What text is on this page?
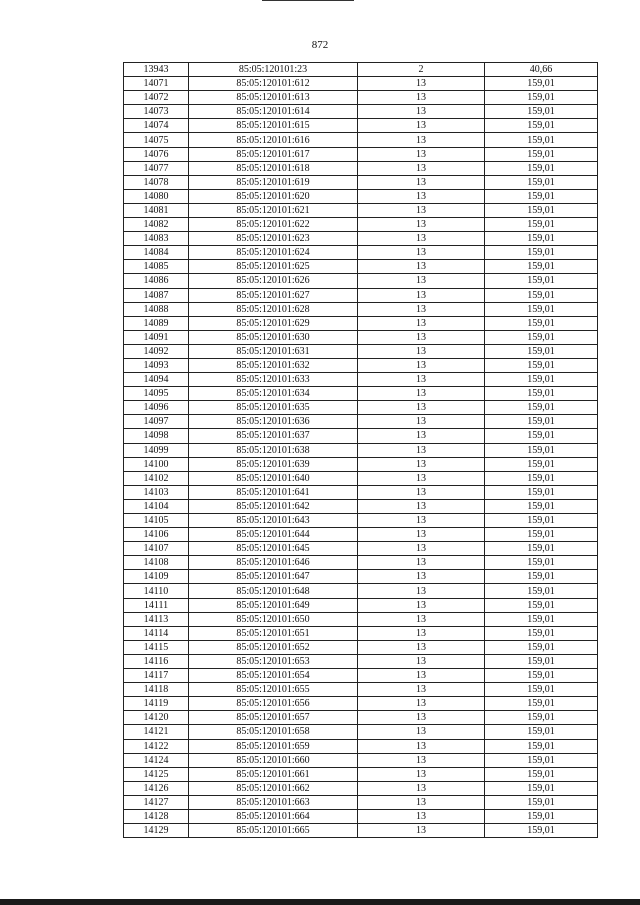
872
13943	85:05:120101:23	2	40,66
14071	85:05:120101:612	13	159,01
14072	85:05:120101:613	13	159,01
14073	85:05:120101:614	13	159,01
14074	85:05:120101:615	13	159,01
14075	85:05:120101:616	13	159,01
14076	85:05:120101:617	13	159,01
14077	85:05:120101:618	13	159,01
14078	85:05:120101:619	13	159,01
14080	85:05:120101:620	13	159,01
14081	85:05:120101:621	13	159,01
14082	85:05:120101:622	13	159,01
14083	85:05:120101:623	13	159,01
14084	85:05:120101:624	13	159,01
14085	85:05:120101:625	13	159,01
14086	85:05:120101:626	13	159,01
14087	85:05:120101:627	13	159,01
14088	85:05:120101:628	13	159,01
14089	85:05:120101:629	13	159,01
14091	85:05:120101:630	13	159,01
14092	85:05:120101:631	13	159,01
14093	85:05:120101:632	13	159,01
14094	85:05:120101:633	13	159,01
14095	85:05:120101:634	13	159,01
14096	85:05:120101:635	13	159,01
14097	85:05:120101:636	13	159,01
14098	85:05:120101:637	13	159,01
14099	85:05:120101:638	13	159,01
14100	85:05:120101:639	13	159,01
14102	85:05:120101:640	13	159,01
14103	85:05:120101:641	13	159,01
14104	85:05:120101:642	13	159,01
14105	85:05:120101:643	13	159,01
14106	85:05:120101:644	13	159,01
14107	85:05:120101:645	13	159,01
14108	85:05:120101:646	13	159,01
14109	85:05:120101:647	13	159,01
14110	85:05:120101:648	13	159,01
14111	85:05:120101:649	13	159,01
14113	85:05:120101:650	13	159,01
14114	85:05:120101:651	13	159,01
14115	85:05:120101:652	13	159,01
14116	85:05:120101:653	13	159,01
14117	85:05:120101:654	13	159,01
14118	85:05:120101:655	13	159,01
14119	85:05:120101:656	13	159,01
14120	85:05:120101:657	13	159,01
14121	85:05:120101:658	13	159,01
14122	85:05:120101:659	13	159,01
14124	85:05:120101:660	13	159,01
14125	85:05:120101:661	13	159,01
14126	85:05:120101:662	13	159,01
14127	85:05:120101:663	13	159,01
14128	85:05:120101:664	13	159,01
14129	85:05:120101:665	13	159,01
